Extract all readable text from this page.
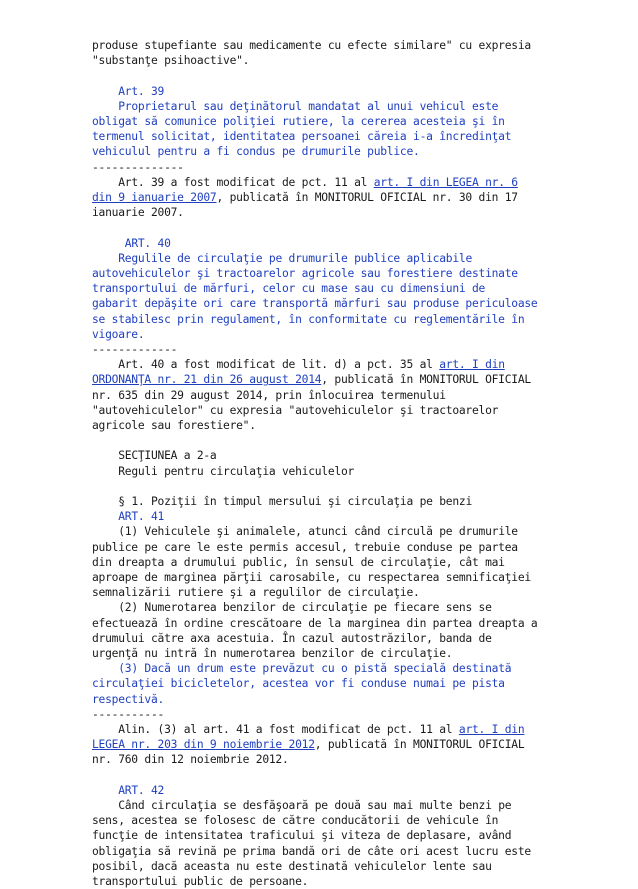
produse stupefiante sau medicamente cu efecte similare" cu expresia
"substanţe psihoactive".

Art. 39

Proprietarul sau deţinătorul mandatat al unui vehicul este
obligat să comunice poliţiei rutiere, la cererea acesteia şi în
termenul solicitat, identitatea persoanei căreia i-a încredinţat
vehiculul pentru a fi condus pe drumurile publice.

--------------

Art. 39 a fost modificat de pct. 11 al art. I din LEGEA nr. 6
din 9 ianuarie 2007, publicată în MONITORUL OFICIAL nr. 30 din 17
ianuarie 2007.

ART. 40

Regulile de circulaţie pe drumurile publice aplicabile
autovehiculelor şi tractoarelor agricole sau forestiere destinate
transportului de mărfuri, celor cu mase sau cu dimensiuni de
gabarit depăşite ori care transportă mărfuri sau produse periculoase
se stabilesc prin regulament, în conformitate cu reglementările în
vigoare.

-------------

Art. 40 a fost modificat de lit. d) a pct. 35 al art. I din
ORDONANŢA nr. 21 din 26 august 2014, publicată în MONITORUL OFICIAL
nr. 635 din 29 august 2014, prin înlocuirea termenului
"autovehiculelor" cu expresia "autovehiculelor şi tractoarelor
agricole sau forestiere".

SECŢIUNEA a 2-a

Reguli pentru circulaţia vehiculelor

§ 1. Poziţii în timpul mersului şi circulaţia pe benzi

ART. 41

(1) Vehiculele şi animalele, atunci când circulă pe drumurile
publice pe care le este permis accesul, trebuie conduse pe partea
din dreapta a drumului public, în sensul de circulaţie, cât mai
aproape de marginea părţii carosabile, cu respectarea semnificaţiei
semnalizării rutiere şi a regulilor de circulaţie.

(2) Numerotarea benzilor de circulaţie pe fiecare sens se
efectuează în ordine crescătoare de la marginea din partea dreapta a
drumului către axa acestuia. În cazul autostrăzilor, banda de
urgenţă nu intră în numerotarea benzilor de circulaţie.

(3) Dacă un drum este prevăzut cu o pistă specială destinată
circulaţiei bicicletelor, acestea vor fi conduse numai pe pista
respectivă.

-----------

Alin. (3) al art. 41 a fost modificat de pct. 11 al art. I din
LEGEA nr. 203 din 9 noiembrie 2012, publicată în MONITORUL OFICIAL
nr. 760 din 12 noiembrie 2012.

ART. 42

Când circulaţia se desfăşoară pe două sau mai multe benzi pe
sens, acestea se folosesc de către conducătorii de vehicule în
funcţie de intensitatea traficului şi viteza de deplasare, având
obligaţia să revină pe prima bandă ori de câte ori acest lucru este
posibil, dacă aceasta nu este destinată vehiculelor lente sau
transportului public de persoane.
